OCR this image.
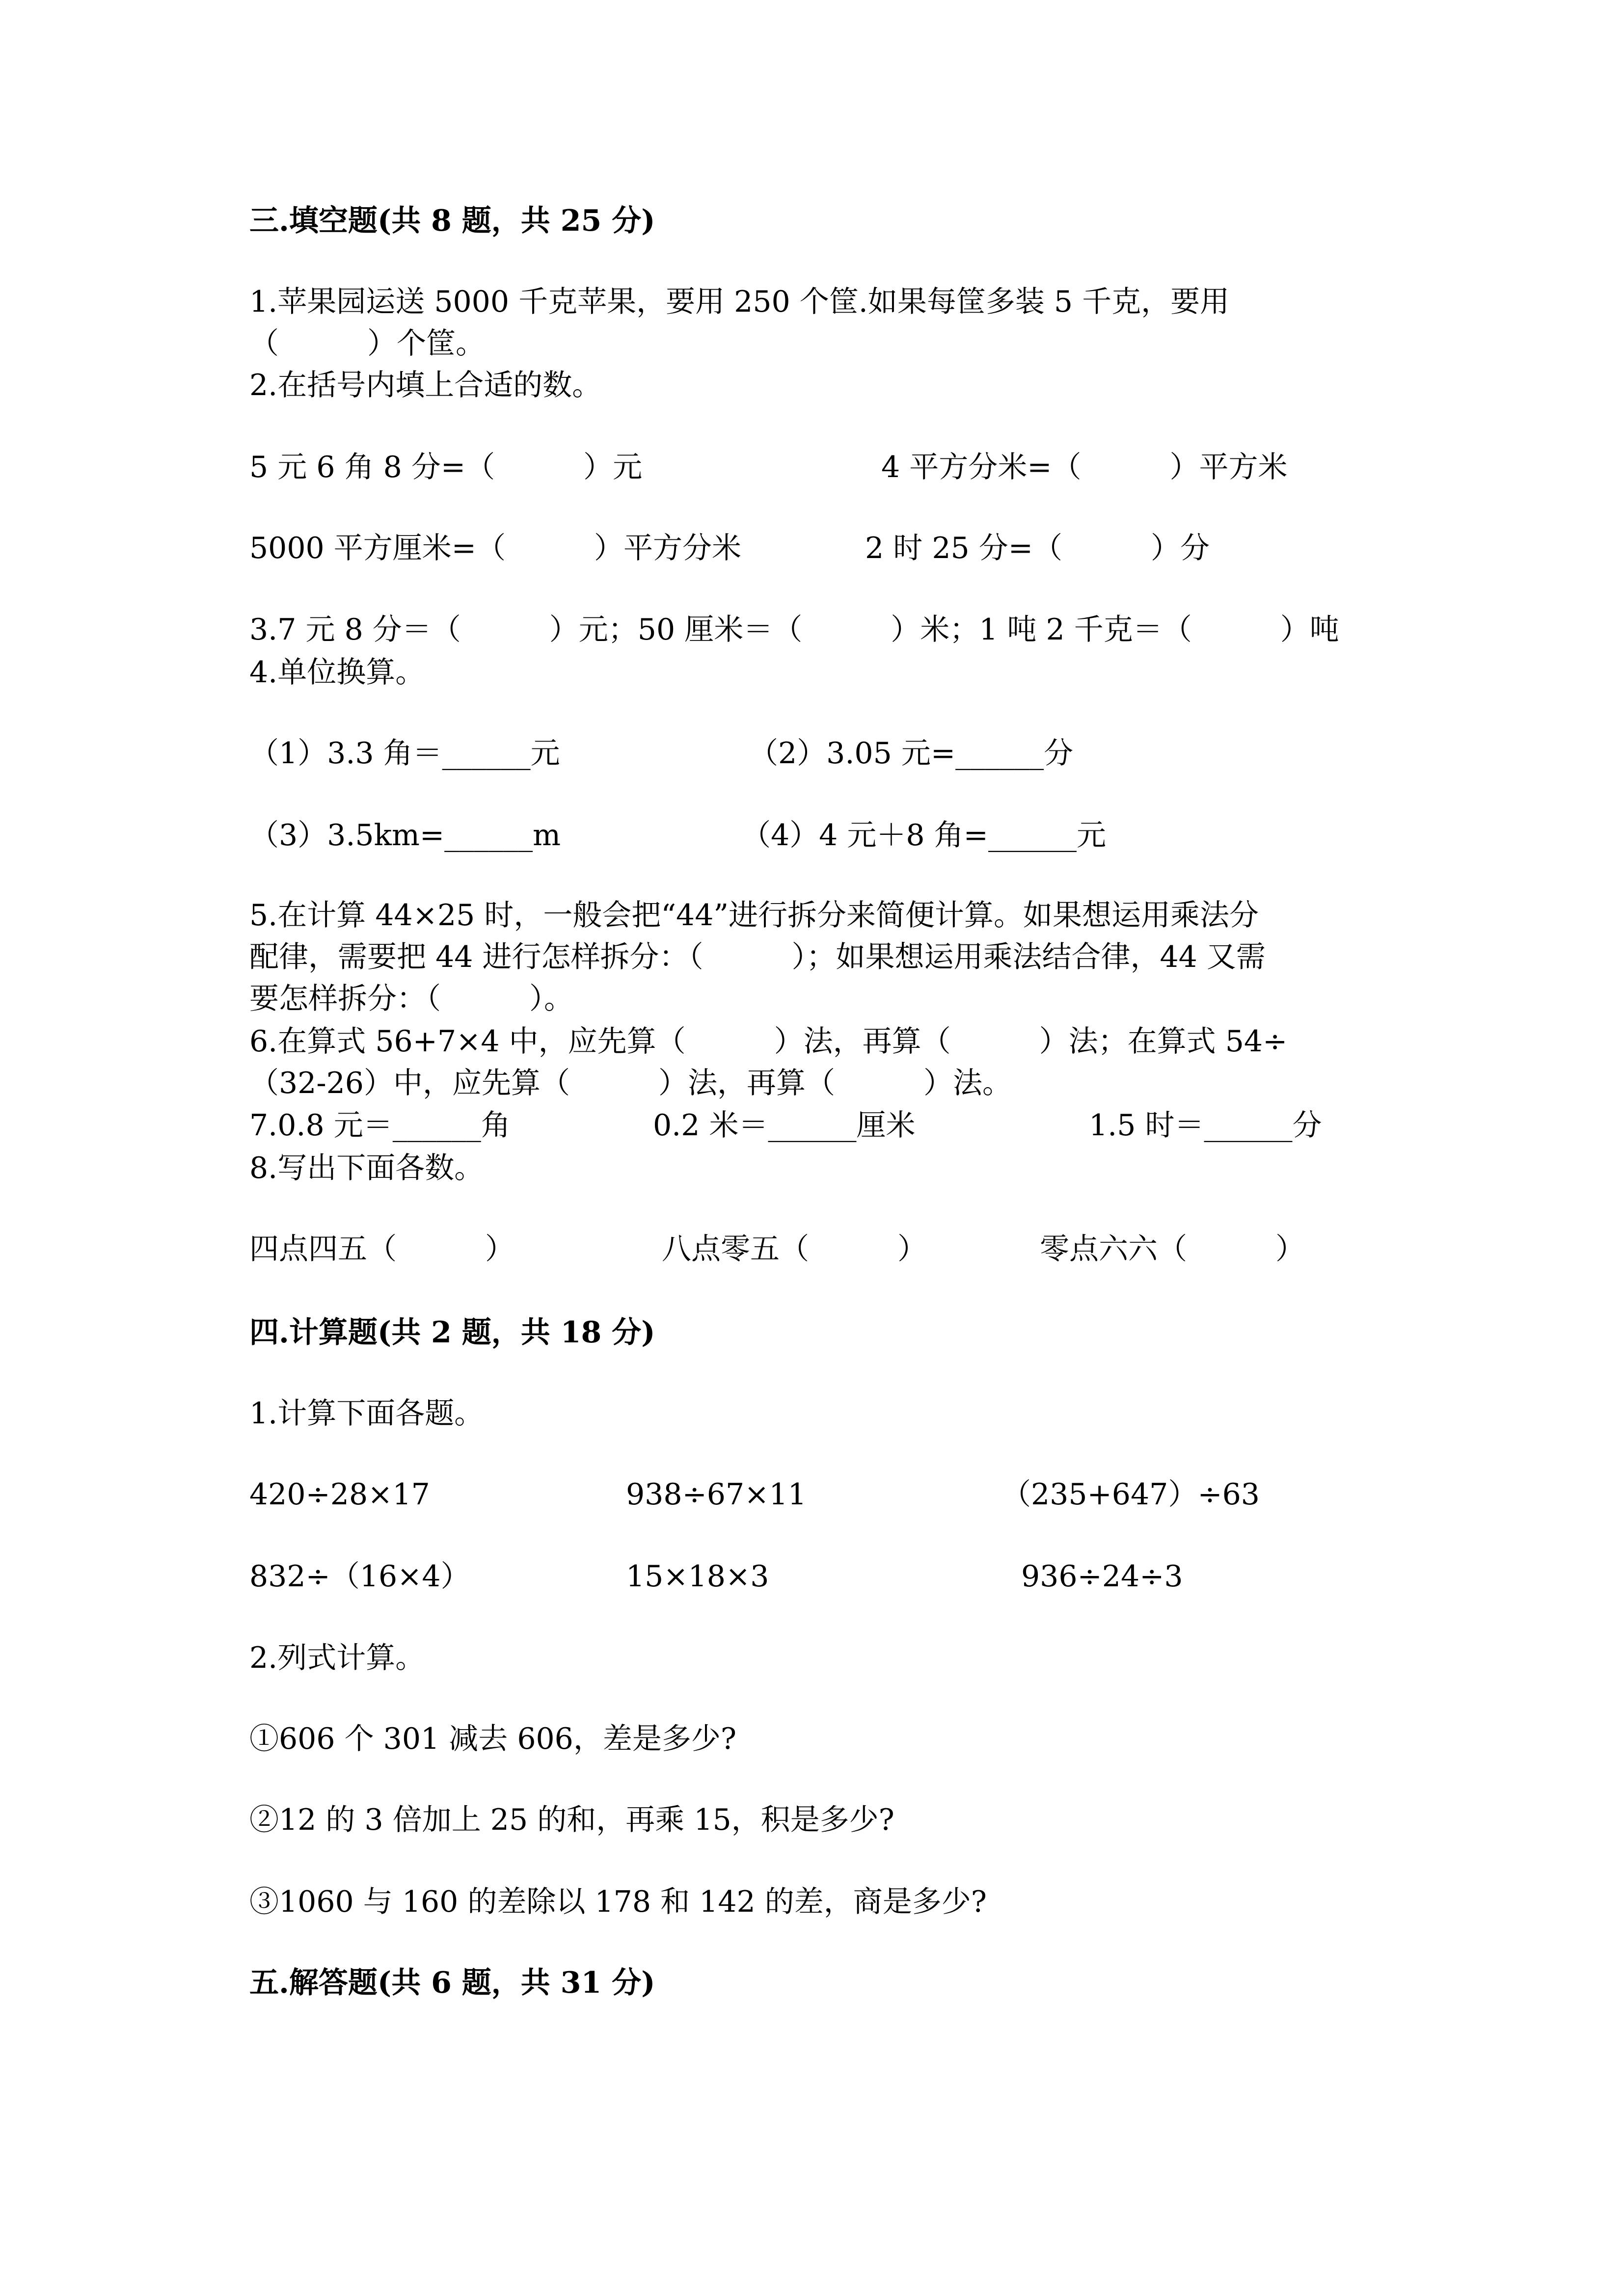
三.填空题(共 8 题，共 25 分)
1.苹果园运送 5000 千克苹果，要用 250 个筐.如果每筐多装 5 千克，要用
（　　　）个筐。
2.在括号内填上合适的数。
5 元 6 角 8 分=（　　　）元	4 平方分米=（　　　）平方米
5000 平方厘米=（　　　）平方分米	2 时 25 分=（　　　）分
3.7 元 8 分＝（　　　）元；50 厘米＝（　　　）米；1 吨 2 千克＝（　　　）吨
4.单位换算。
（1）3.3 角＝______元	（2）3.05 元=______分
（3）3.5km=______m	（4）4 元＋8 角=______元
5.在计算 44×25 时，一般会把“44”进行拆分来简便计算。如果想运用乘法分
配律，需要把 44 进行怎样拆分：（　　　）；如果想运用乘法结合律，44 又需
要怎样拆分：（　　　）。
6.在算式 56+7×4 中，应先算（　　　）法，再算（　　　）法；在算式 54÷
（32-26）中，应先算（　　　）法，再算（　　　）法。
7.0.8 元＝______角	0.2 米＝______厘米	1.5 时＝______分
8.写出下面各数。
四点四五（　　　）	八点零五（　　　）	零点六六（　　　）
四.计算题(共 2 题，共 18 分)
1.计算下面各题。
420÷28×17	938÷67×11	（235+647）÷63
832÷（16×4）	15×18×3	936÷24÷3
2.列式计算。
①606 个 301 减去 606，差是多少?
②12 的 3 倍加上 25 的和，再乘 15，积是多少?
③1060 与 160 的差除以 178 和 142 的差，商是多少?
五.解答题(共 6 题，共 31 分)
